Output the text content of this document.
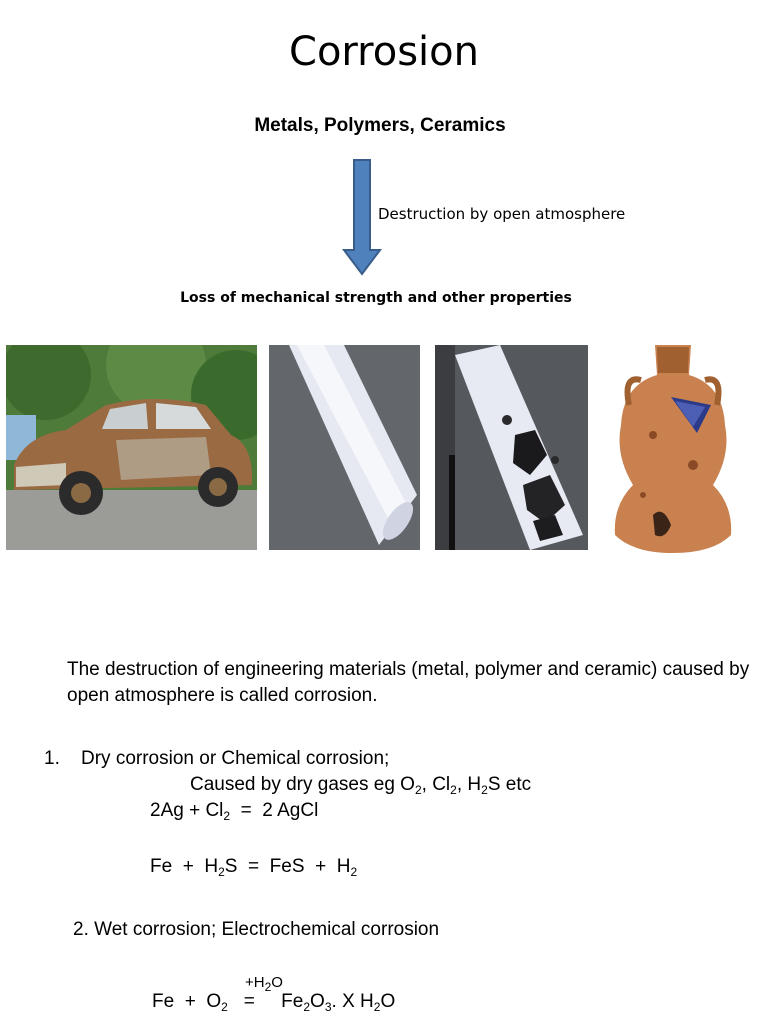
Corrosion
Metals, Polymers, Ceramics
Destruction by open atmosphere
Loss of mechanical strength and other properties
The destruction of engineering materials (metal, polymer and ceramic) caused by open atmosphere is called corrosion.
1. Dry corrosion or Chemical corrosion;
Caused by dry gases eg $O_2$, $Cl_2$, $H_2S$ etc
$2Ag + Cl_2 = 2$ AgCl
$Fe + H_2S$  =  FeS  +  $H_2$
2. Wet corrosion; Electrochemical corrosion
$+H_2O$
$Fe + O_2$   =     $Fe_2O_3$. X $H_2O$
